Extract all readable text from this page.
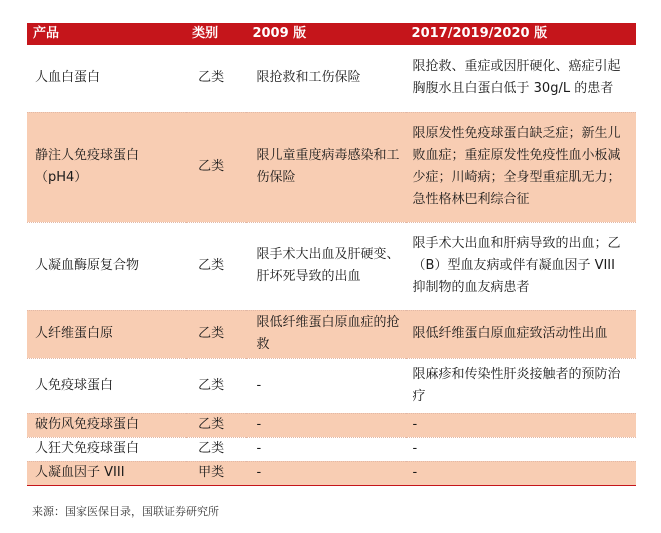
产品	类别	2009 版	2017/2019/2020 版
人血白蛋白	乙类	限抢救和工伤保险	限抢救、重症或因肝硬化、癌症引起胸腹水且白蛋白低于 30g/L 的患者
静注人免疫球蛋白（pH4）	乙类	限儿童重度病毒感染和工伤保险	限原发性免疫球蛋白缺乏症；新生儿败血症；重症原发性免疫性血小板减少症；川崎病；全身型重症肌无力；急性格林巴利综合征
人凝血酶原复合物	乙类	限手术大出血及肝硬变、肝坏死导致的出血	限手术大出血和肝病导致的出血；乙（B）型血友病或伴有凝血因子 VIII 抑制物的血友病患者
人纤维蛋白原	乙类	限低纤维蛋白原血症的抢救	限低纤维蛋白原血症致活动性出血
人免疫球蛋白	乙类	-	限麻疹和传染性肝炎接触者的预防治疗
破伤风免疫球蛋白	乙类	-	-
人狂犬免疫球蛋白	乙类	-	-
人凝血因子 VIII	甲类	-	-
来源：国家医保目录，国联证券研究所
